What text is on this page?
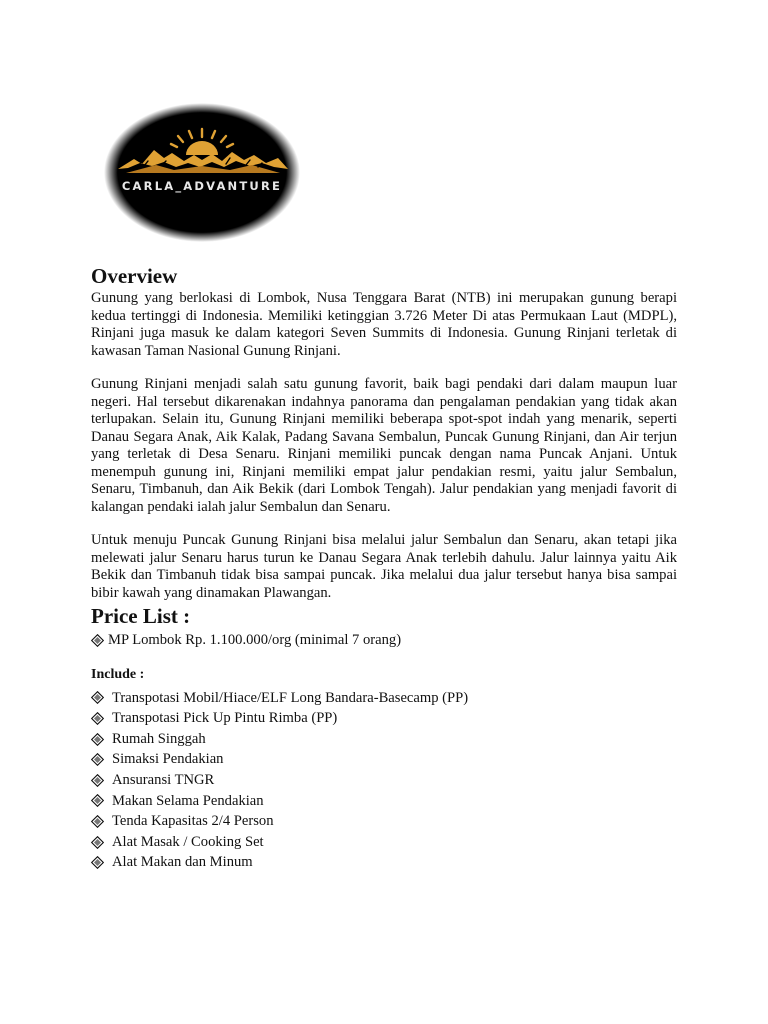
CARLA_ADVANTURE
Overview

Gunung yang berlokasi di Lombok, Nusa Tenggara Barat (NTB) ini merupakan gunung berapi kedua tertinggi di Indonesia. Memiliki ketinggian 3.726 Meter Di atas Permukaan Laut (MDPL), Rinjani juga masuk ke dalam kategori Seven Summits di Indonesia. Gunung Rinjani terletak di kawasan Taman Nasional Gunung Rinjani.

Gunung Rinjani menjadi salah satu gunung favorit, baik bagi pendaki dari dalam maupun luar negeri. Hal tersebut dikarenakan indahnya panorama dan pengalaman pendakian yang tidak akan terlupakan. Selain itu, Gunung Rinjani memiliki beberapa spot-spot indah yang menarik, seperti Danau Segara Anak, Aik Kalak, Padang Savana Sembalun, Puncak Gunung Rinjani, dan Air terjun yang terletak di Desa Senaru. Rinjani memiliki puncak dengan nama Puncak Anjani. Untuk menempuh gunung ini, Rinjani memiliki empat jalur pendakian resmi, yaitu jalur Sembalun, Senaru, Timbanuh, dan Aik Bekik (dari Lombok Tengah). Jalur pendakian yang menjadi favorit di kalangan pendaki ialah jalur Sembalun dan Senaru.

Untuk menuju Puncak Gunung Rinjani bisa melalui jalur Sembalun dan Senaru, akan tetapi jika melewati jalur Senaru harus turun ke Danau Segara Anak terlebih dahulu. Jalur lainnya yaitu Aik Bekik dan Timbanuh tidak bisa sampai puncak. Jika melalui dua jalur tersebut hanya bisa sampai bibir kawah yang dinamakan Plawangan.

Price List :
MP Lombok Rp. 1.100.000/org (minimal 7 orang)
Include :
Transpotasi Mobil/Hiace/ELF Long Bandara-Basecamp (PP)
Transpotasi Pick Up Pintu Rimba (PP)
Rumah Singgah
Simaksi Pendakian
Ansuransi TNGR
Makan Selama Pendakian
Tenda Kapasitas 2/4 Person
Alat Masak / Cooking Set
Alat Makan dan Minum
